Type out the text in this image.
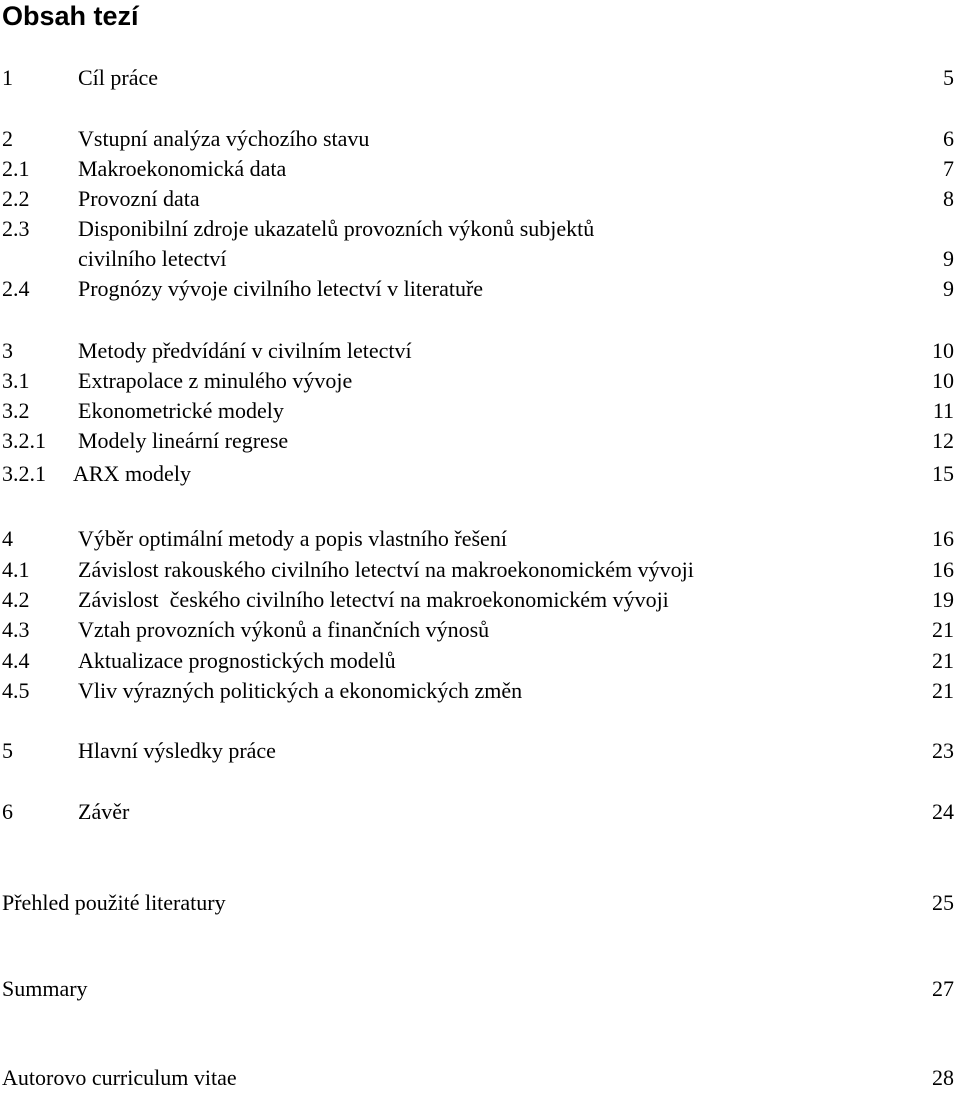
Obsah tezí
1	Cíl práce	5
2	Vstupní analýza výchozího stavu	6
2.1 Makroekonomická data	7
2.2 Provozní data	8
2.3 Disponibilní zdroje ukazatelů provozních výkonů subjektů
civilního letectví	9
2.4 Prognózy vývoje civilního letectví v literatuře	9
3	Metody předvídání v civilním letectví	10
3.1 Extrapolace z minulého vývoje	10
3.2 Ekonometrické modely	11
3.2.1 Modely lineární regrese	12
3.2.1 ARX modely	15
4	Výběr optimální metody a popis vlastního řešení	16
4.1 Závislost rakouského civilního letectví na makroekonomickém vývoji	16
4.2 Závislost  českého civilního letectví na makroekonomickém vývoji	19
4.3 Vztah provozních výkonů a finančních výnosů	21
4.4 Aktualizace prognostických modelů	21
4.5 Vliv výrazných politických a ekonomických změn	21
5	Hlavní výsledky práce	23
6	Závěr	24
Přehled použité literatury	25
Summary	27
Autorovo curriculum vitae	28
